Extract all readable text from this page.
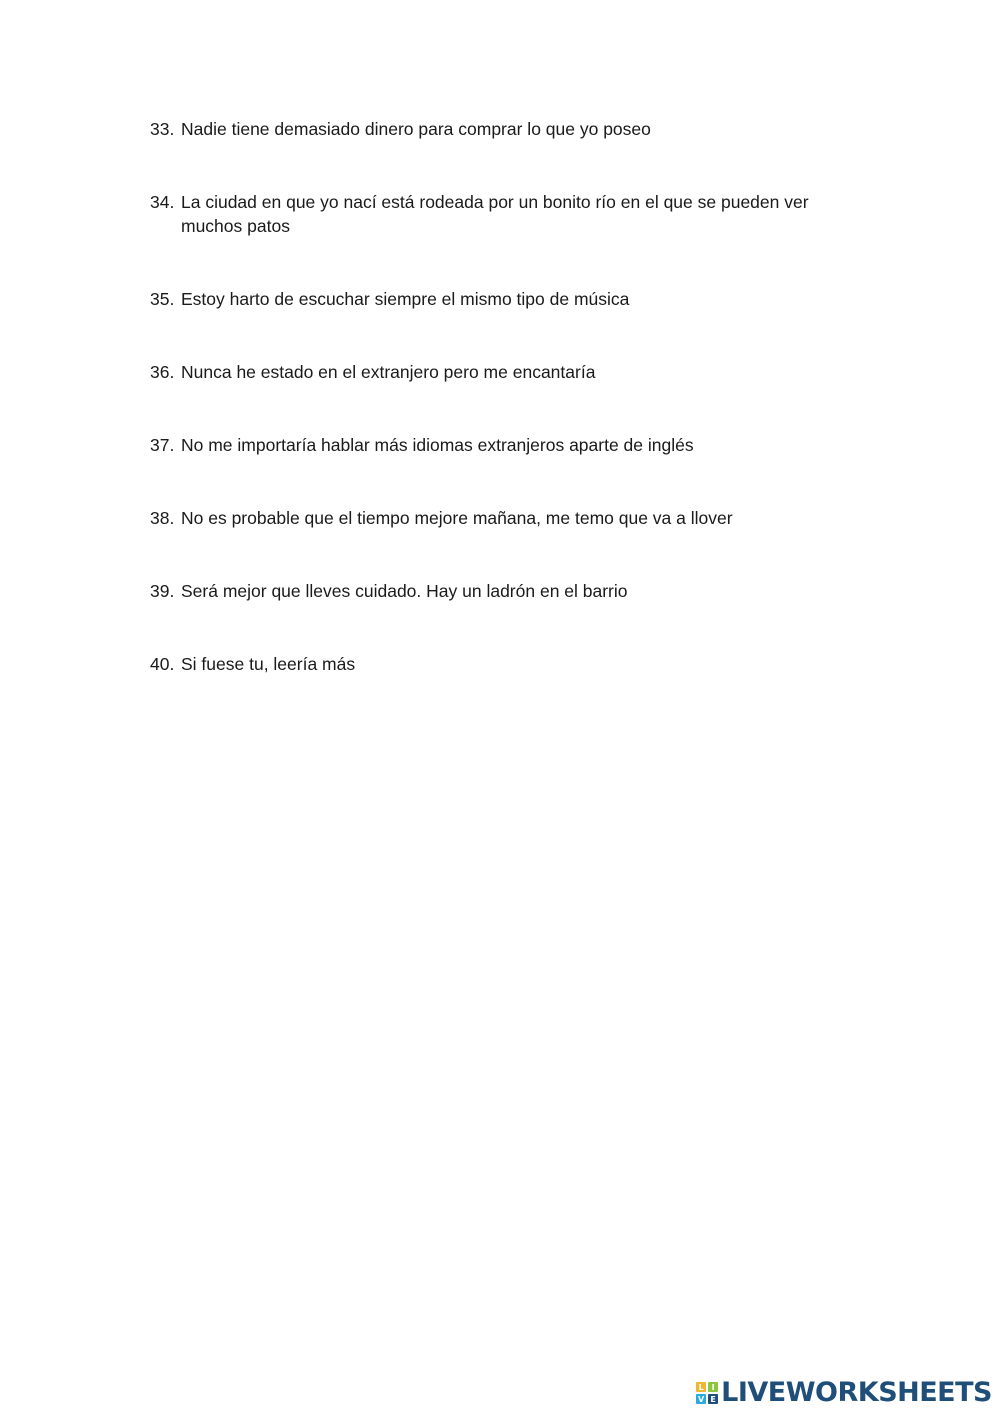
33. Nadie tiene demasiado dinero para comprar lo que yo poseo
34. La ciudad en que yo nací está rodeada por un bonito río en el que se pueden ver muchos patos
35. Estoy harto de escuchar siempre el mismo tipo de música
36. Nunca he estado en el extranjero pero me encantaría
37. No me importaría hablar más idiomas extranjeros aparte de inglés
38. No es probable que el tiempo mejore mañana, me temo que va a llover
39. Será mejor que lleves cuidado. Hay un ladrón en el barrio
40. Si fuese tu, leería más
L I
V E LIVEWORKSHEETS
